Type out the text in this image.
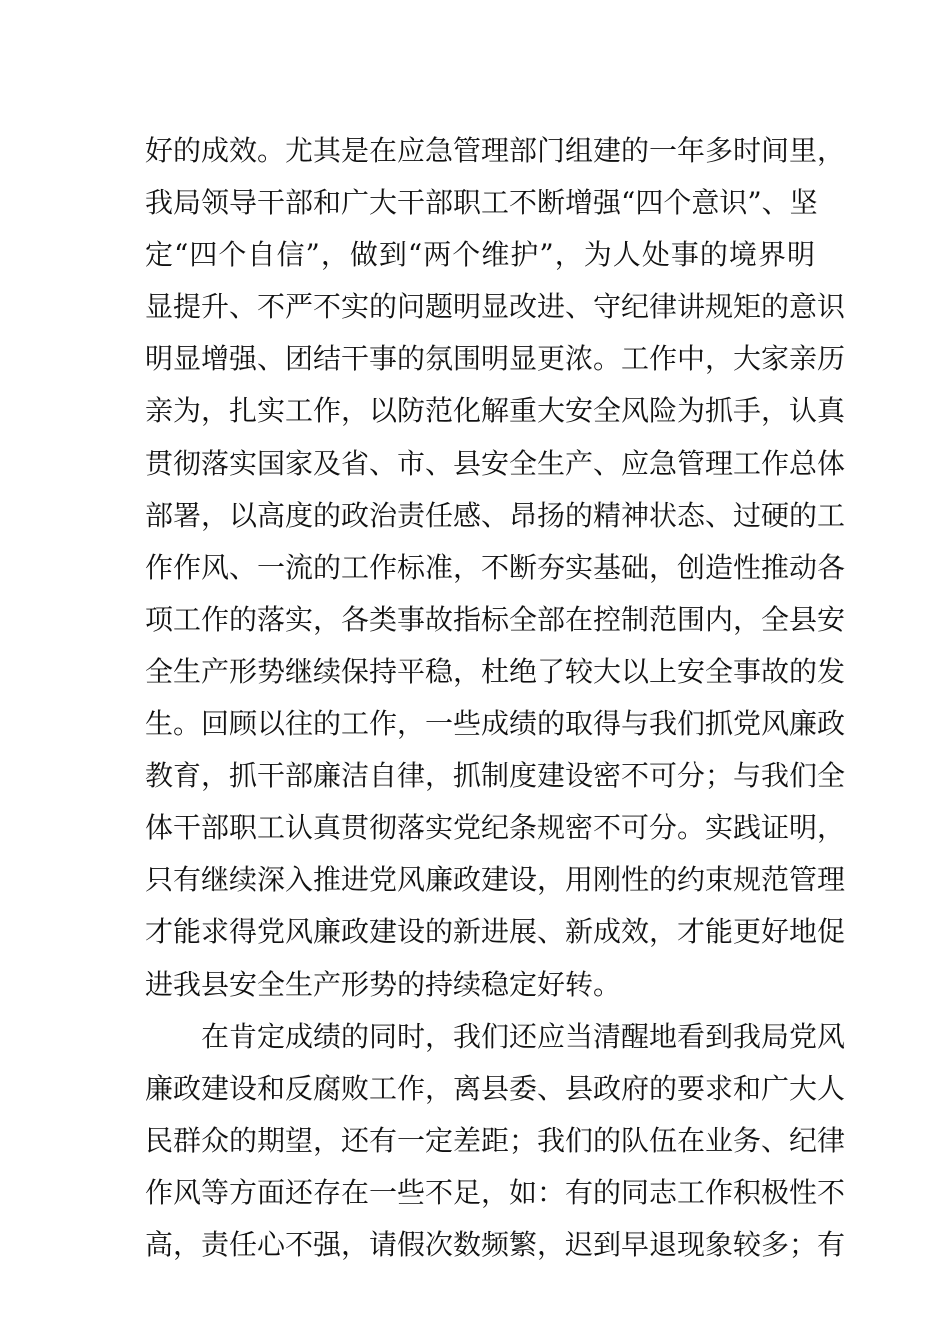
好的成效。尤其是在应急管理部门组建的一年多时间里，
我局领导干部和广大干部职工不断增强“四个意识”、坚
定“四个自信”，做到“两个维护”，为人处事的境界明
显提升、不严不实的问题明显改进、守纪律讲规矩的意识
明显增强、团结干事的氛围明显更浓。工作中，大家亲历
亲为，扎实工作，以防范化解重大安全风险为抓手，认真
贯彻落实国家及省、市、县安全生产、应急管理工作总体
部署，以高度的政治责任感、昂扬的精神状态、过硬的工
作作风、一流的工作标准，不断夯实基础，创造性推动各
项工作的落实，各类事故指标全部在控制范围内，全县安
全生产形势继续保持平稳，杜绝了较大以上安全事故的发
生。回顾以往的工作，一些成绩的取得与我们抓党风廉政
教育，抓干部廉洁自律，抓制度建设密不可分；与我们全
体干部职工认真贯彻落实党纪条规密不可分。实践证明，
只有继续深入推进党风廉政建设，用刚性的约束规范管理
才能求得党风廉政建设的新进展、新成效，才能更好地促
进我县安全生产形势的持续稳定好转。
在肯定成绩的同时，我们还应当清醒地看到我局党风
廉政建设和反腐败工作，离县委、县政府的要求和广大人
民群众的期望，还有一定差距；我们的队伍在业务、纪律
作风等方面还存在一些不足，如：有的同志工作积极性不
高，责任心不强，请假次数频繁，迟到早退现象较多；有
